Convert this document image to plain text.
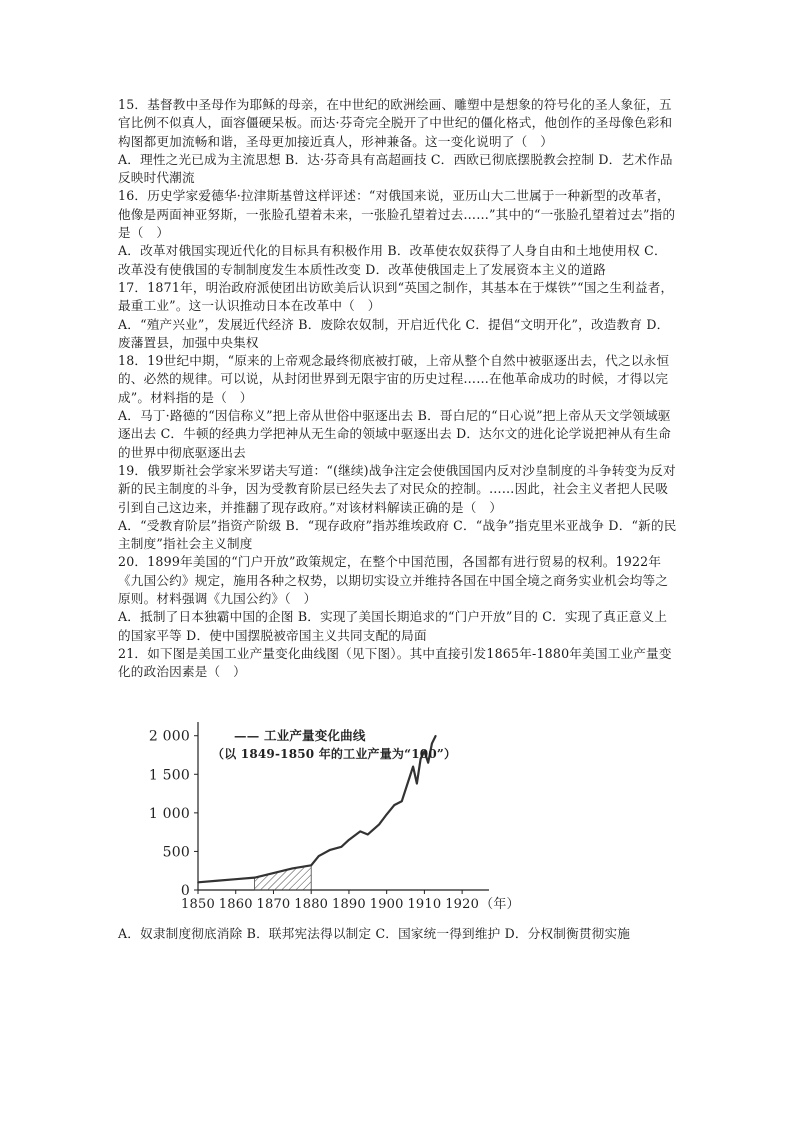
15．基督教中圣母作为耶稣的母亲，在中世纪的欧洲绘画、雕塑中是想象的符号化的圣人象征，五官比例不似真人，面容僵硬呆板。而达·芬奇完全脱开了中世纪的僵化格式，他创作的圣母像色彩和构图都更加流畅和谐，圣母更加接近真人，形神兼备。这一变化说明了（　）

A．理性之光已成为主流思想 B．达·芬奇具有高超画技 C．西欧已彻底摆脱教会控制 D．艺术作品反映时代潮流

16．历史学家爱德华·拉津斯基曾这样评述：“对俄国来说，亚历山大二世属于一种新型的改革者，他像是两面神亚努斯，一张脸孔望着未来，一张脸孔望着过去……”其中的“一张脸孔望着过去”指的是（　）

A．改革对俄国实现近代化的目标具有积极作用 B．改革使农奴获得了人身自由和土地使用权 C．改革没有使俄国的专制制度发生本质性改变 D．改革使俄国走上了发展资本主义的道路

17．1871年，明治政府派使团出访欧美后认识到“英国之制作，其基本在于煤铁”“国之生利益者，最重工业”。这一认识推动日本在改革中（　）

A．“殖产兴业”，发展近代经济 B．废除农奴制，开启近代化 C．提倡“文明开化”，改造教育 D．废藩置县，加强中央集权

18．19世纪中期，“原来的上帝观念最终彻底被打破，上帝从整个自然中被驱逐出去，代之以永恒的、必然的规律。可以说，从封闭世界到无限宇宙的历史过程……在他革命成功的时候，才得以完成”。材料指的是（　）

A．马丁·路德的“因信称义”把上帝从世俗中驱逐出去 B．哥白尼的“日心说”把上帝从天文学领域驱逐出去 C．牛顿的经典力学把神从无生命的领域中驱逐出去 D．达尔文的进化论学说把神从有生命的世界中彻底驱逐出去

19．俄罗斯社会学家米罗诺夫写道：“(继续)战争注定会使俄国国内反对沙皇制度的斗争转变为反对新的民主制度的斗争，因为受教育阶层已经失去了对民众的控制。……因此，社会主义者把人民吸引到自己这边来，并推翻了现存政府。”对该材料解读正确的是（　）

A．“受教育阶层”指资产阶级 B．“现存政府”指苏维埃政府 C．“战争”指克里米亚战争 D．“新的民主制度”指社会主义制度

20．1899年美国的“门户开放”政策规定，在整个中国范围，各国都有进行贸易的权利。1922年《九国公约》规定，施用各种之权势，以期切实设立并维持各国在中国全境之商务实业机会均等之原则。材料强调《九国公约》（　）

A．抵制了日本独霸中国的企图 B．实现了美国长期追求的“门户开放”目的 C．实现了真正意义上的国家平等 D．使中国摆脱被帝国主义共同支配的局面

21．如下图是美国工业产量变化曲线图（见下图）。其中直接引发1865年-1880年美国工业产量变化的政治因素是（　）

0
500
1 000
1 500
2 000
1850 1860 1870 1880 1890 1900 1910 1920 （年）
—— 工业产量变化曲线
（以 1849-1850 年的工业产量为“100”）

A．奴隶制度彻底消除 B．联邦宪法得以制定 C．国家统一得到维护 D．分权制衡贯彻实施
